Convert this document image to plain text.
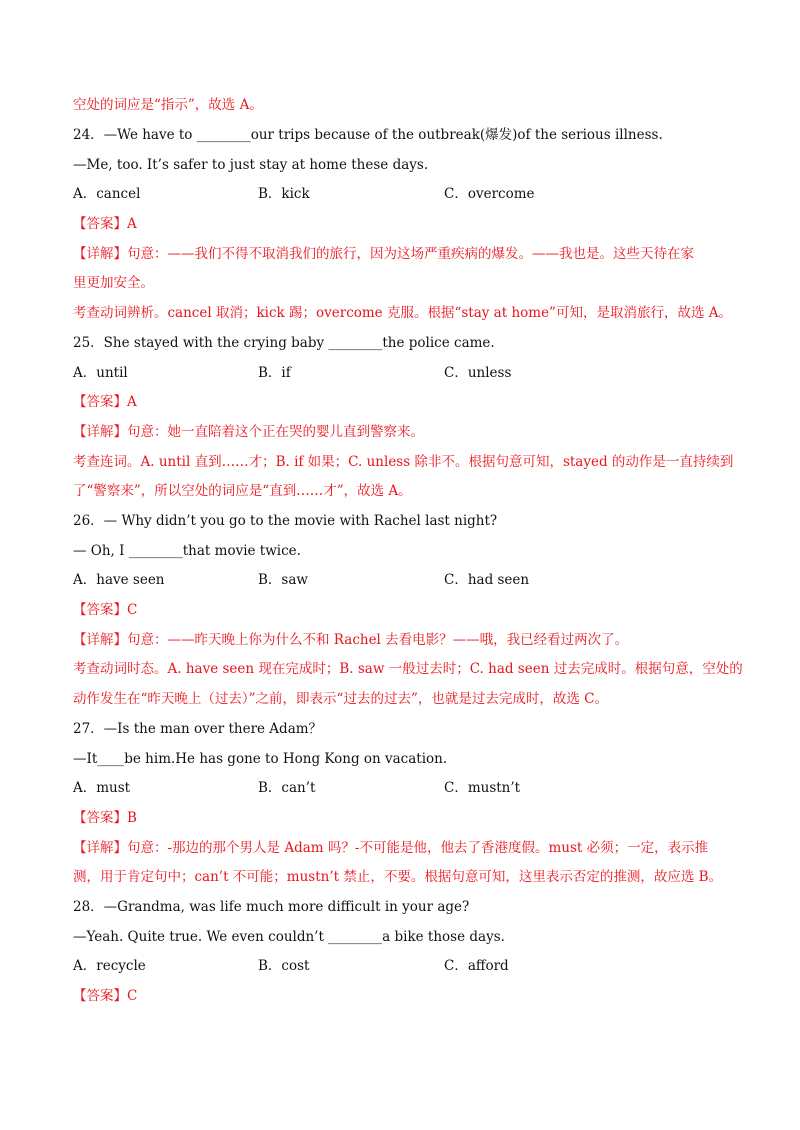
空处的词应是“指示”，故选 A。
24．—We have to ________our trips because of the outbreak(爆发)of the serious illness.
—Me, too. It’s safer to just stay at home these days.
A．cancel	B．kick	C．overcome
【答案】A
【详解】句意：——我们不得不取消我们的旅行，因为这场严重疾病的爆发。——我也是。这些天待在家
里更加安全。
考查动词辨析。cancel 取消；kick 踢；overcome 克服。根据“stay at home”可知，是取消旅行，故选 A。
25．She stayed with the crying baby ________the police came.
A．until	B．if	C．unless
【答案】A
【详解】句意：她一直陪着这个正在哭的婴儿直到警察来。
考查连词。A. until 直到……才；B. if 如果；C. unless 除非不。根据句意可知，stayed 的动作是一直持续到
了“警察来”，所以空处的词应是“直到……才”，故选 A。
26．— Why didn’t you go to the movie with Rachel last night?
— Oh, I ________that movie twice.
A．have seen	B．saw	C．had seen
【答案】C
【详解】句意：——昨天晚上你为什么不和 Rachel 去看电影？——哦，我已经看过两次了。
考查动词时态。A. have seen 现在完成时；B. saw 一般过去时；C. had seen 过去完成时。根据句意，空处的
动作发生在“昨天晚上（过去）”之前，即表示“过去的过去”，也就是过去完成时，故选 C。
27．—Is the man over there Adam？
—It____be him.He has gone to Hong Kong on vacation.
A．must	B．can’t	C．mustn’t
【答案】B
【详解】句意：-那边的那个男人是 Adam 吗？-不可能是他，他去了香港度假。must 必须；一定，表示推
测，用于肯定句中；can’t 不可能；mustn’t 禁止，不要。根据句意可知，这里表示否定的推测，故应选 B。
28．—Grandma, was life much more difficult in your age?
—Yeah. Quite true. We even couldn’t ________a bike those days.
A．recycle	B．cost	C．afford
【答案】C
